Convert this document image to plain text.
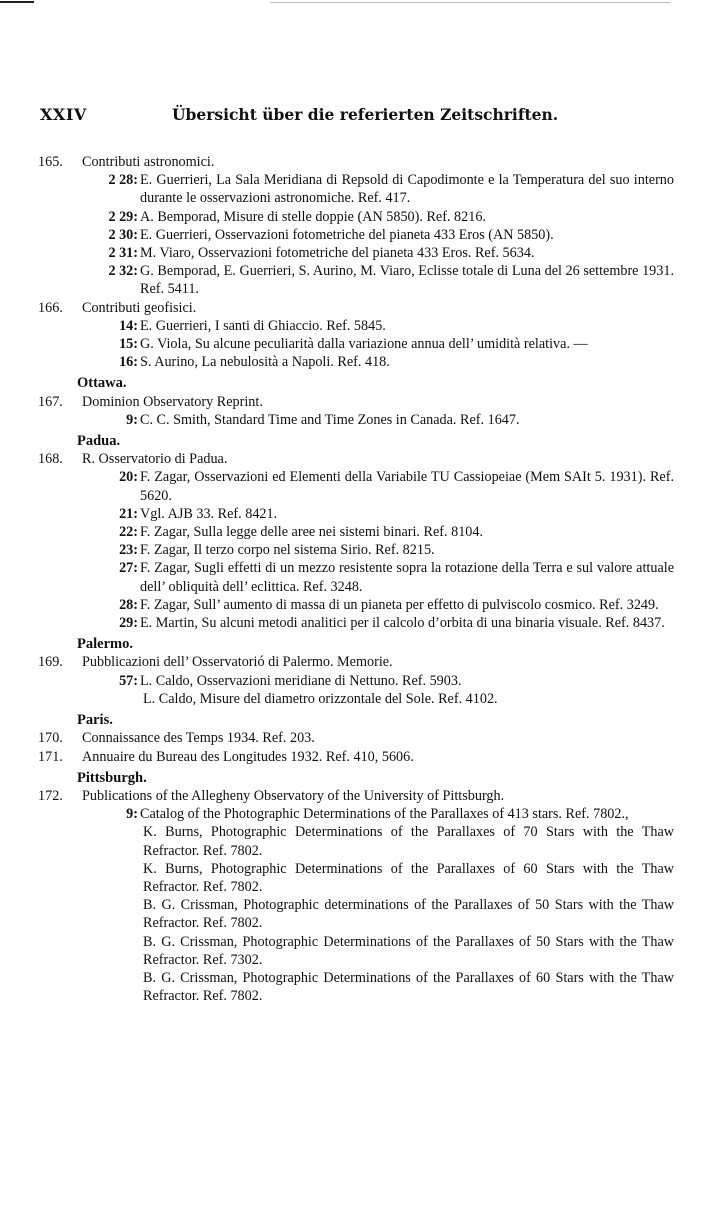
XXIV	Übersicht über die referierten Zeitschriften.
165. Contributi astronomici.
2 28: E. Guerrieri, La Sala Meridiana di Repsold di Capodimonte e la Temperatura del suo interno durante le osservazioni astronomiche. Ref. 417.
2 29: A. Bemporad, Misure di stelle doppie (AN 5850). Ref. 8216.
2 30: E. Guerrieri, Osservazioni fotometriche del pianeta 433 Eros (AN 5850).
2 31: M. Viaro, Osservazioni fotometriche del pianeta 433 Eros. Ref. 5634.
2 32: G. Bemporad, E. Guerrieri, S. Aurino, M. Viaro, Eclisse totale di Luna del 26 settembre 1931. Ref. 5411.
166. Contributi geofisici.
14: E. Guerrieri, I santi di Ghiaccio. Ref. 5845.
15: G. Viola, Su alcune peculiarità dalla variazione annua dell’ umidità relativa. —
16: S. Aurino, La nebulosità a Napoli. Ref. 418.
Ottawa.
167. Dominion Observatory Reprint.
9: C. C. Smith, Standard Time and Time Zones in Canada. Ref. 1647.
Padua.
168. R. Osservatorio di Padua.
20: F. Zagar, Osservazioni ed Elementi della Variabile TU Cassiopeiae (Mem SAIt 5. 1931). Ref. 5620.
21: Vgl. AJB 33. Ref. 8421.
22: F. Zagar, Sulla legge delle aree nei sistemi binari. Ref. 8104.
23: F. Zagar, Il terzo corpo nel sistema Sirio. Ref. 8215.
27: F. Zagar, Sugli effetti di un mezzo resistente sopra la rotazione della Terra e sul valore attuale dell’ obliquità dell’ eclittica. Ref. 3248.
28: F. Zagar, Sull’ aumento di massa di un pianeta per effetto di pulviscolo cosmico. Ref. 3249.
29: E. Martin, Su alcuni metodi analitici per il calcolo d’orbita di una binaria visuale. Ref. 8437.
Palermo.
169. Pubblicazioni dell’ Osservatorió di Palermo. Memorie.
57: L. Caldo, Osservazioni meridiane di Nettuno. Ref. 5903.
L. Caldo, Misure del diametro orizzontale del Sole. Ref. 4102.
Paris.
170. Connaissance des Temps 1934. Ref. 203.
171. Annuaire du Bureau des Longitudes 1932. Ref. 410, 5606.
Pittsburgh.
172. Publications of the Allegheny Observatory of the University of Pittsburgh.
9: Catalog of the Photographic Determinations of the Parallaxes of 413 stars. Ref. 7802.,
K. Burns, Photographic Determinations of the Parallaxes of 70 Stars with the Thaw Refractor. Ref. 7802.
K. Burns, Photographic Determinations of the Parallaxes of 60 Stars with the Thaw Refractor. Ref. 7802.
B. G. Crissman, Photographic determinations of the Parallaxes of 50 Stars with the Thaw Refractor. Ref. 7802.
B. G. Crissman, Photographic Determinations of the Parallaxes of 50 Stars with the Thaw Refractor. Ref. 7302.
B. G. Crissman, Photographic Determinations of the Parallaxes of 60 Stars with the Thaw Refractor. Ref. 7802.
